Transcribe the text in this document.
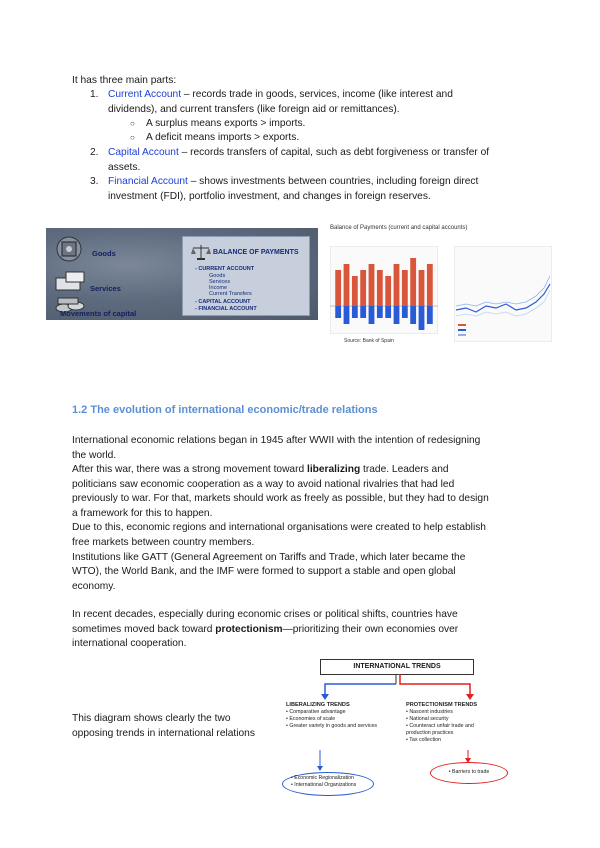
It has three main parts:
1. Current Account – records trade in goods, services, income (like interest and
dividends), and current transfers (like foreign aid or remittances).
○ A surplus means exports > imports.
○ A deficit means imports > exports.
2. Capital Account – records transfers of capital, such as debt forgiveness or transfer of
assets.
3. Financial Account – shows investments between countries, including foreign direct
investment (FDI), portfolio investment, and changes in foreign reserves.
Goods
Services
Movements of capital
BALANCE OF PAYMENTS
- CURRENT ACCOUNT
Goods
Services
Income
Current Transfers
- CAPITAL ACCOUNT
- FINANCIAL ACCOUNT
Balance of Payments (current and capital accounts)
Source: Bank of Spain
1.2 The evolution of international economic/trade relations
International economic relations began in 1945 after WWII with the intention of redesigning
the world.
After this war, there was a strong movement toward liberalizing trade. Leaders and
politicians saw economic cooperation as a way to avoid national rivalries that had led
previously to war. For that, markets should work as freely as possible, but they had to design
a framework for this to happen.
Due to this, economic regions and international organisations were created to help establish
free markets between country members.
Institutions like GATT (General Agreement on Tariffs and Trade, which later became the
WTO), the World Bank, and the IMF were formed to support a stable and open global
economy.
In recent decades, especially during economic crises or political shifts, countries have
sometimes moved back toward protectionism—prioritizing their own economies over
international cooperation.
This diagram shows clearly the two
opposing trends in international relations
INTERNATIONAL TRENDS
LIBERALIZING TRENDS
• Comparative advantage
• Economies of scale
• Greater variety in goods and services
PROTECTIONISM TRENDS
• Nascent industries
• National security
• Counteract unfair trade and
production practices
• Tax collection
• Economic Regionalization
• International Organizations
• Barriers to trade
